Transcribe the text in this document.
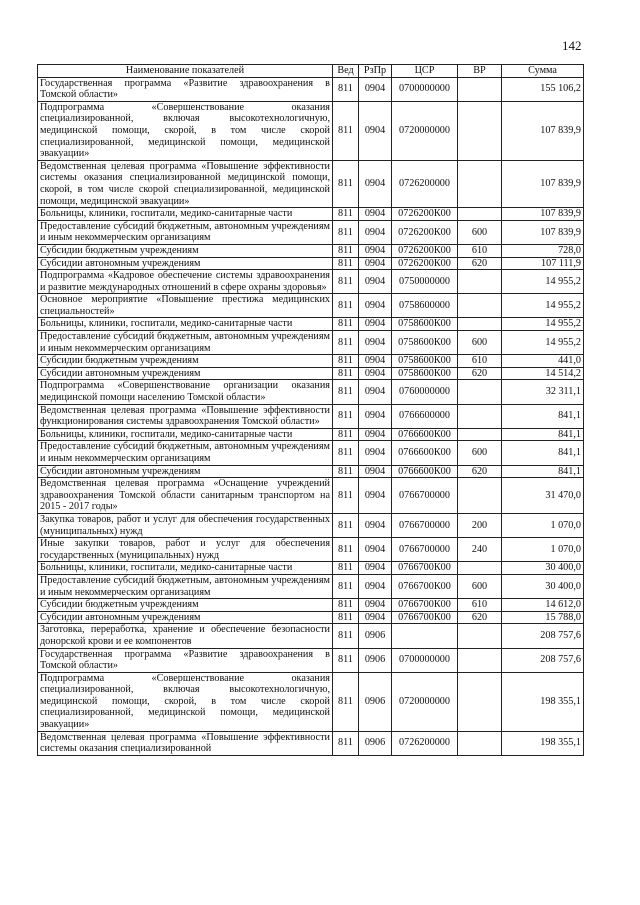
142
Наименование показателей	Вед	РзПр	ЦСР	ВР	Сумма
Государственная программа «Развитие здравоохранения в Томской области»	811	0904	0700000000		155 106,2
Подпрограмма «Совершенствование оказания специализированной, включая высокотехнологичную, медицинской помощи, скорой, в том числе скорой специализированной, медицинской помощи, медицинской эвакуации»	811	0904	0720000000		107 839,9
Ведомственная целевая программа «Повышение эффективности системы оказания специализированной медицинской помощи, скорой, в том числе скорой специализированной, медицинской помощи, медицинской эвакуации»	811	0904	0726200000		107 839,9
Больницы, клиники, госпитали, медико-санитарные части	811	0904	0726200К00		107 839,9
Предоставление субсидий бюджетным, автономным учреждениям и иным некоммерческим организациям	811	0904	0726200К00	600	107 839,9
Субсидии бюджетным учреждениям	811	0904	0726200К00	610	728,0
Субсидии автономным учреждениям	811	0904	0726200К00	620	107 111,9
Подпрограмма «Кадровое обеспечение системы здравоохранения и развитие международных отношений в сфере охраны здоровья»	811	0904	0750000000		14 955,2
Основное мероприятие «Повышение престижа медицинских специальностей»	811	0904	0758600000		14 955,2
Больницы, клиники, госпитали, медико-санитарные части	811	0904	0758600К00		14 955,2
Предоставление субсидий бюджетным, автономным учреждениям и иным некоммерческим организациям	811	0904	0758600К00	600	14 955,2
Субсидии бюджетным учреждениям	811	0904	0758600К00	610	441,0
Субсидии автономным учреждениям	811	0904	0758600К00	620	14 514,2
Подпрограмма «Совершенствование организации оказания медицинской помощи населению Томской области»	811	0904	0760000000		32 311,1
Ведомственная целевая программа «Повышение эффективности функционирования системы здравоохранения Томской области»	811	0904	0766600000		841,1
Больницы, клиники, госпитали, медико-санитарные части	811	0904	0766600К00		841,1
Предоставление субсидий бюджетным, автономным учреждениям и иным некоммерческим организациям	811	0904	0766600К00	600	841,1
Субсидии автономным учреждениям	811	0904	0766600К00	620	841,1
Ведомственная целевая программа «Оснащение учреждений здравоохранения Томской области санитарным транспортом на 2015 - 2017 годы»	811	0904	0766700000		31 470,0
Закупка товаров, работ и услуг для обеспечения государственных (муниципальных) нужд	811	0904	0766700000	200	1 070,0
Иные закупки товаров, работ и услуг для обеспечения государственных (муниципальных) нужд	811	0904	0766700000	240	1 070,0
Больницы, клиники, госпитали, медико-санитарные части	811	0904	0766700К00		30 400,0
Предоставление субсидий бюджетным, автономным учреждениям и иным некоммерческим организациям	811	0904	0766700К00	600	30 400,0
Субсидии бюджетным учреждениям	811	0904	0766700К00	610	14 612,0
Субсидии автономным учреждениям	811	0904	0766700К00	620	15 788,0
Заготовка, переработка, хранение и обеспечение безопасности донорской крови и ее компонентов	811	0906			208 757,6
Государственная программа «Развитие здравоохранения в Томской области»	811	0906	0700000000		208 757,6
Подпрограмма «Совершенствование оказания специализированной, включая высокотехнологичную, медицинской помощи, скорой, в том числе скорой специализированной, медицинской помощи, медицинской эвакуации»	811	0906	0720000000		198 355,1
Ведомственная целевая программа «Повышение эффективности системы оказания специализированной	811	0906	0726200000		198 355,1
